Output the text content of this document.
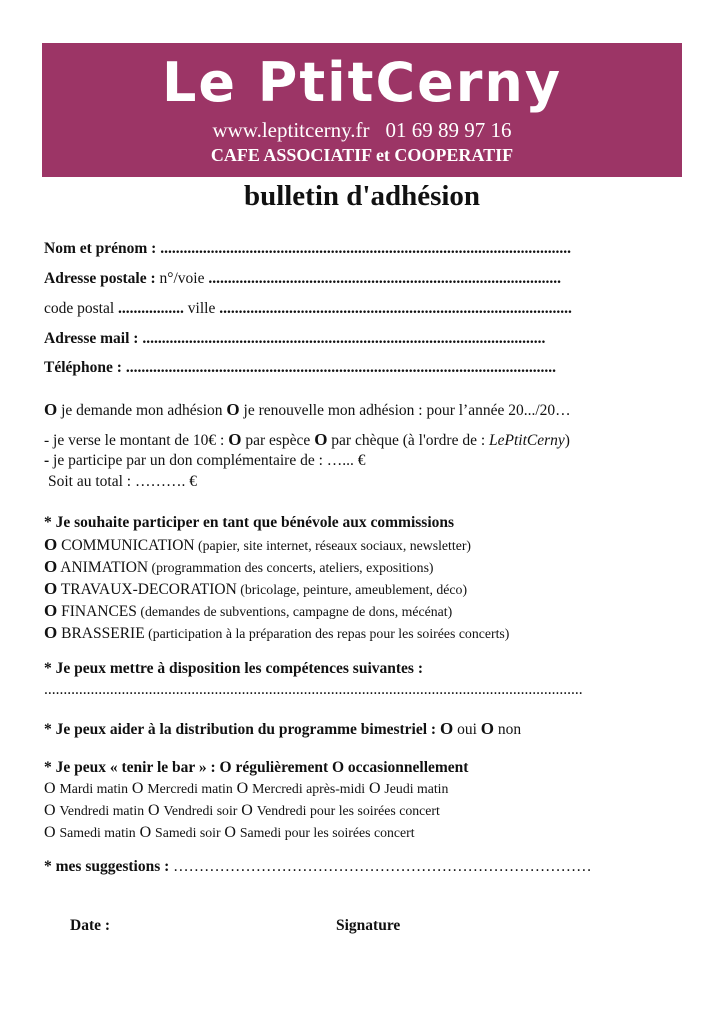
Le PtitCerny
www.leptitcerny.fr 01 69 89 97 16
CAFE ASSOCIATIF et COOPERATIF
bulletin d'adhésion
Nom et prénom : ..........................................................................................................
Adresse postale : n°/voie ...........................................................................................
code postal ................. ville ...........................................................................................
Adresse mail : ........................................................................................................
Téléphone : ...............................................................................................................
O je demande mon adhésion O je renouvelle mon adhésion : pour l’année 20.../20…
- je verse le montant de 10€ : O par espèce O par chèque (à l'ordre de : LePtitCerny)
- je participe par un don complémentaire de : …... €
Soit au total : ………. €
* Je souhaite participer en tant que bénévole aux commissions
O COMMUNICATION (papier, site internet, réseaux sociaux, newsletter)
O ANIMATION (programmation des concerts, ateliers, expositions)
O TRAVAUX-DECORATION (bricolage, peinture, ameublement, déco)
O FINANCES (demandes de subventions, campagne de dons, mécénat)
O BRASSERIE (participation à la préparation des repas pour les soirées concerts)
* Je peux mettre à disposition les compétences suivantes :
...........................................................................................................................................
* Je peux aider à la distribution du programme bimestriel : O oui O non
* Je peux « tenir le bar » : O régulièrement O occasionnellement
O Mardi matin O Mercredi matin O Mercredi après-midi O Jeudi matin
O Vendredi matin O Vendredi soir O Vendredi pour les soirées concert
O Samedi matin O Samedi soir O Samedi pour les soirées concert
* mes suggestions : ………………………………………………………………………
Date :	Signature
